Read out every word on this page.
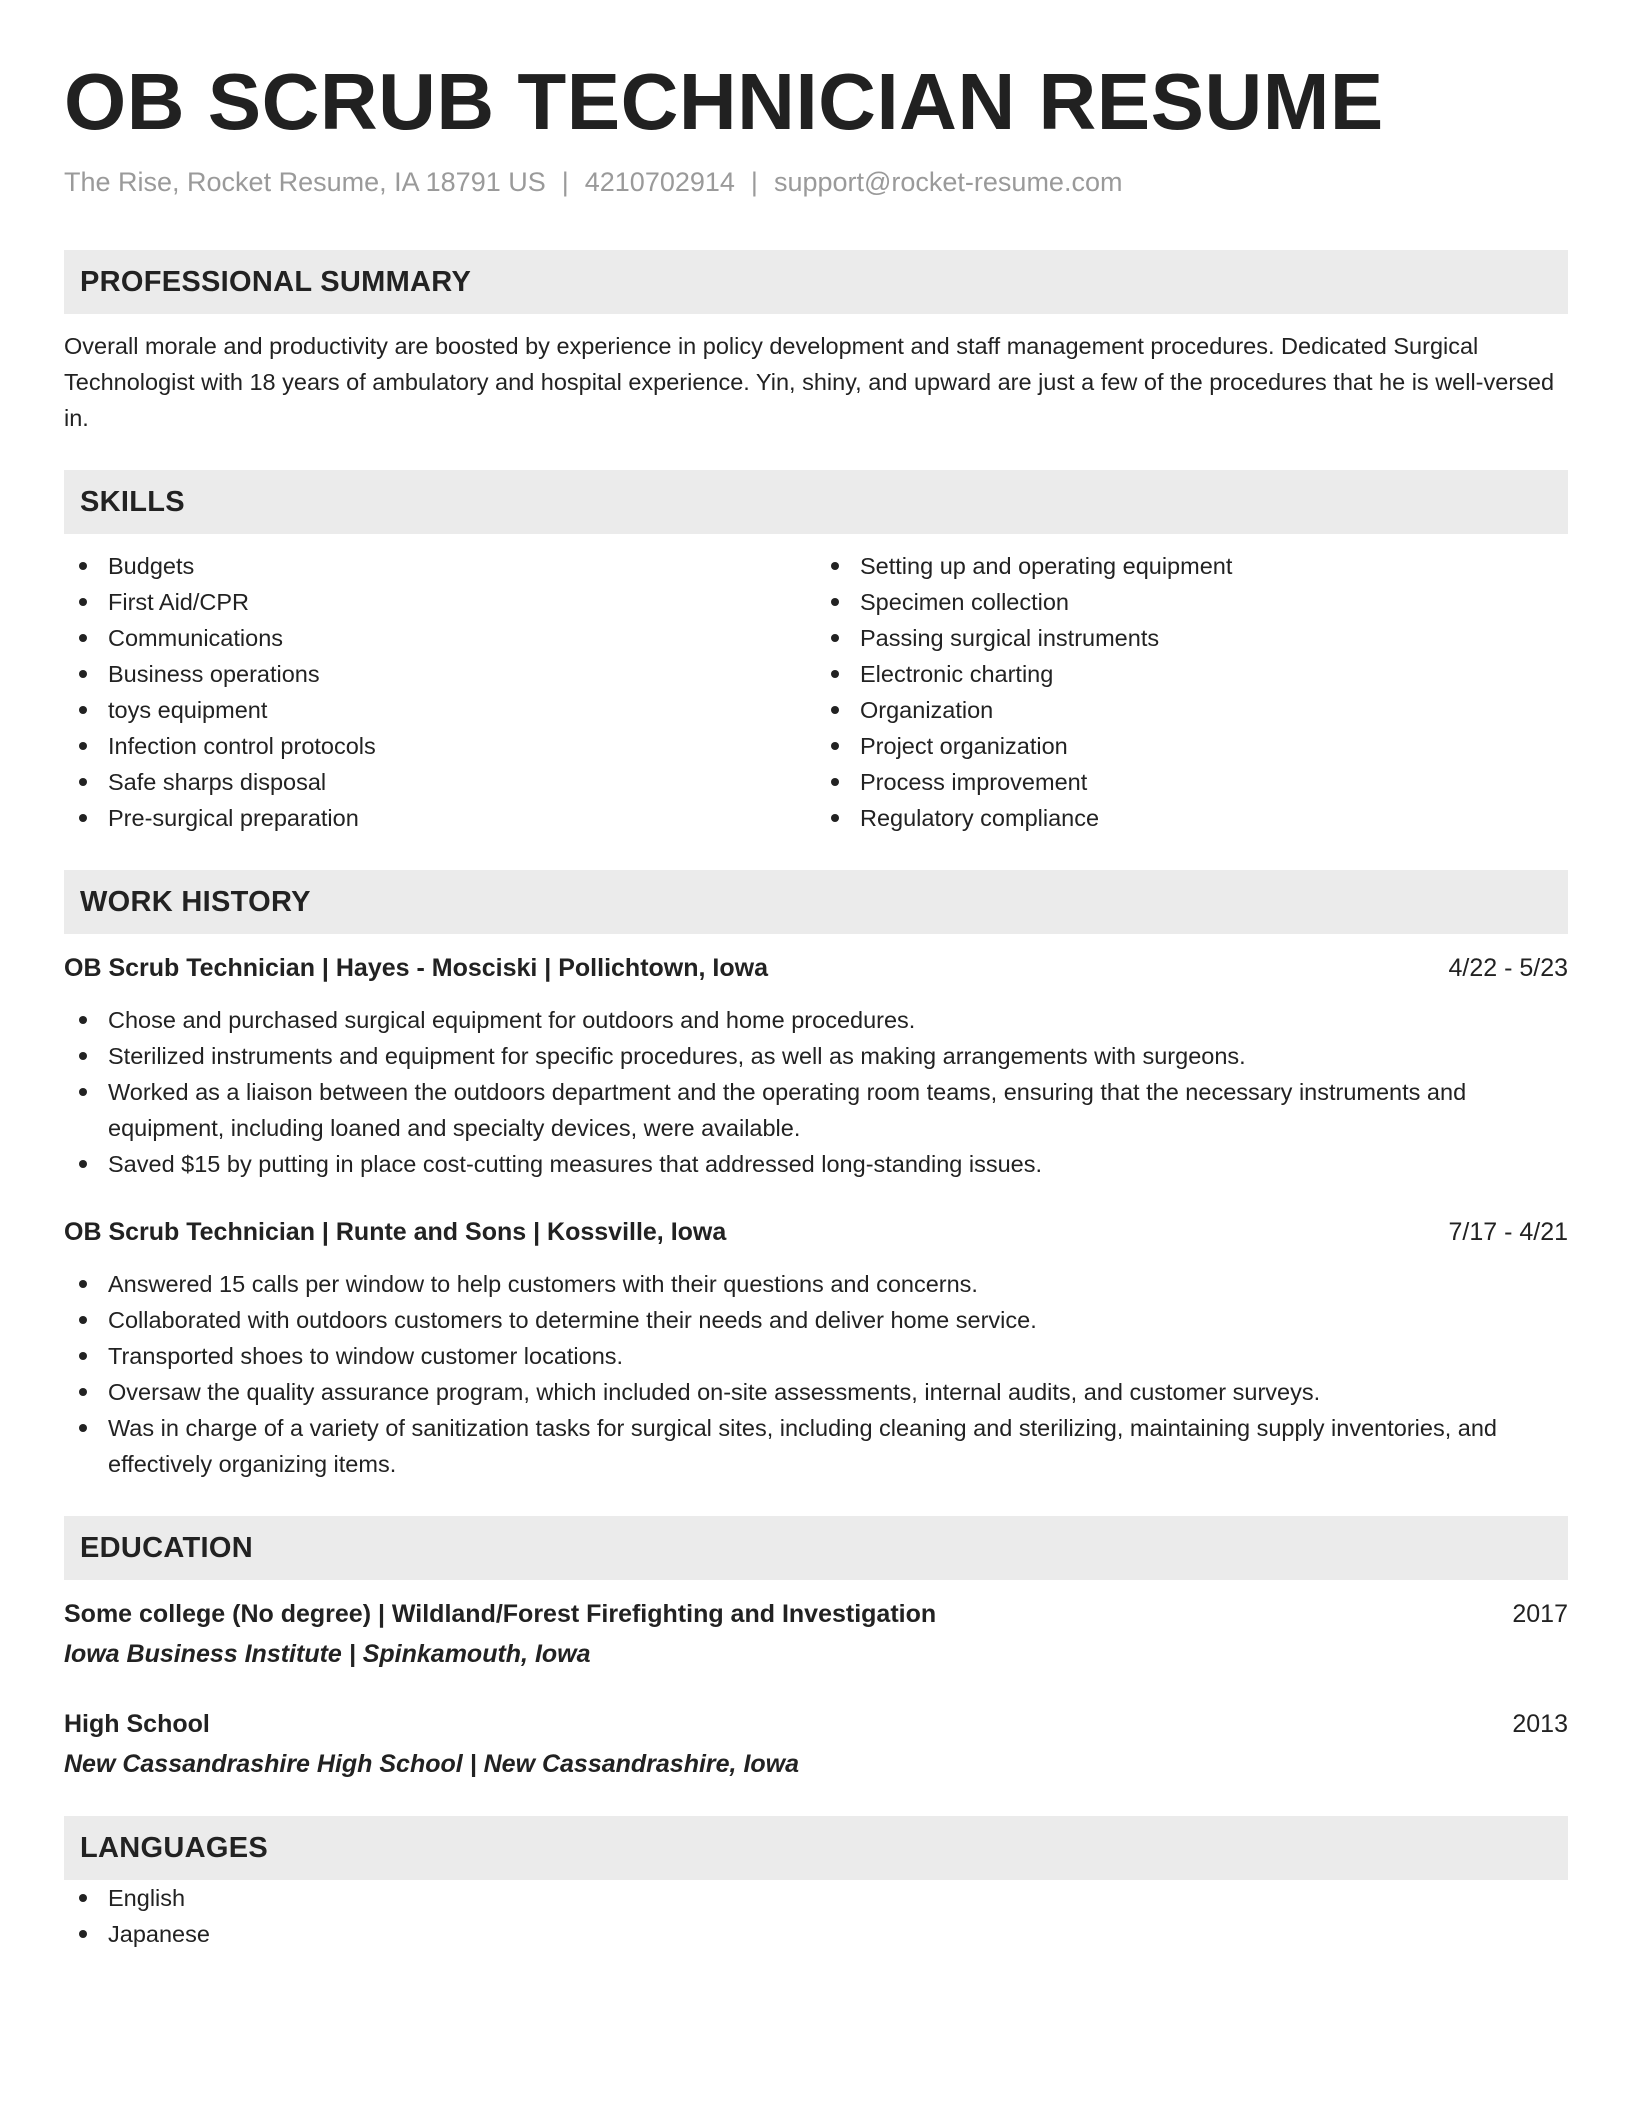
OB SCRUB TECHNICIAN RESUME
The Rise, Rocket Resume, IA 18791 US | 4210702914 | support@rocket-resume.com
PROFESSIONAL SUMMARY
Overall morale and productivity are boosted by experience in policy development and staff management procedures. Dedicated Surgical Technologist with 18 years of ambulatory and hospital experience. Yin, shiny, and upward are just a few of the procedures that he is well-versed in.
SKILLS
Budgets
First Aid/CPR
Communications
Business operations
toys equipment
Infection control protocols
Safe sharps disposal
Pre-surgical preparation
Setting up and operating equipment
Specimen collection
Passing surgical instruments
Electronic charting
Organization
Project organization
Process improvement
Regulatory compliance
WORK HISTORY
OB Scrub Technician | Hayes - Mosciski | Pollichtown, Iowa	4/22 - 5/23
Chose and purchased surgical equipment for outdoors and home procedures.
Sterilized instruments and equipment for specific procedures, as well as making arrangements with surgeons.
Worked as a liaison between the outdoors department and the operating room teams, ensuring that the necessary instruments and equipment, including loaned and specialty devices, were available.
Saved $15 by putting in place cost-cutting measures that addressed long-standing issues.
OB Scrub Technician | Runte and Sons | Kossville, Iowa	7/17 - 4/21
Answered 15 calls per window to help customers with their questions and concerns.
Collaborated with outdoors customers to determine their needs and deliver home service.
Transported shoes to window customer locations.
Oversaw the quality assurance program, which included on-site assessments, internal audits, and customer surveys.
Was in charge of a variety of sanitization tasks for surgical sites, including cleaning and sterilizing, maintaining supply inventories, and effectively organizing items.
EDUCATION
Some college (No degree) | Wildland/Forest Firefighting and Investigation	2017
Iowa Business Institute | Spinkamouth, Iowa
High School	2013
New Cassandrashire High School | New Cassandrashire, Iowa
LANGUAGES
English
Japanese
